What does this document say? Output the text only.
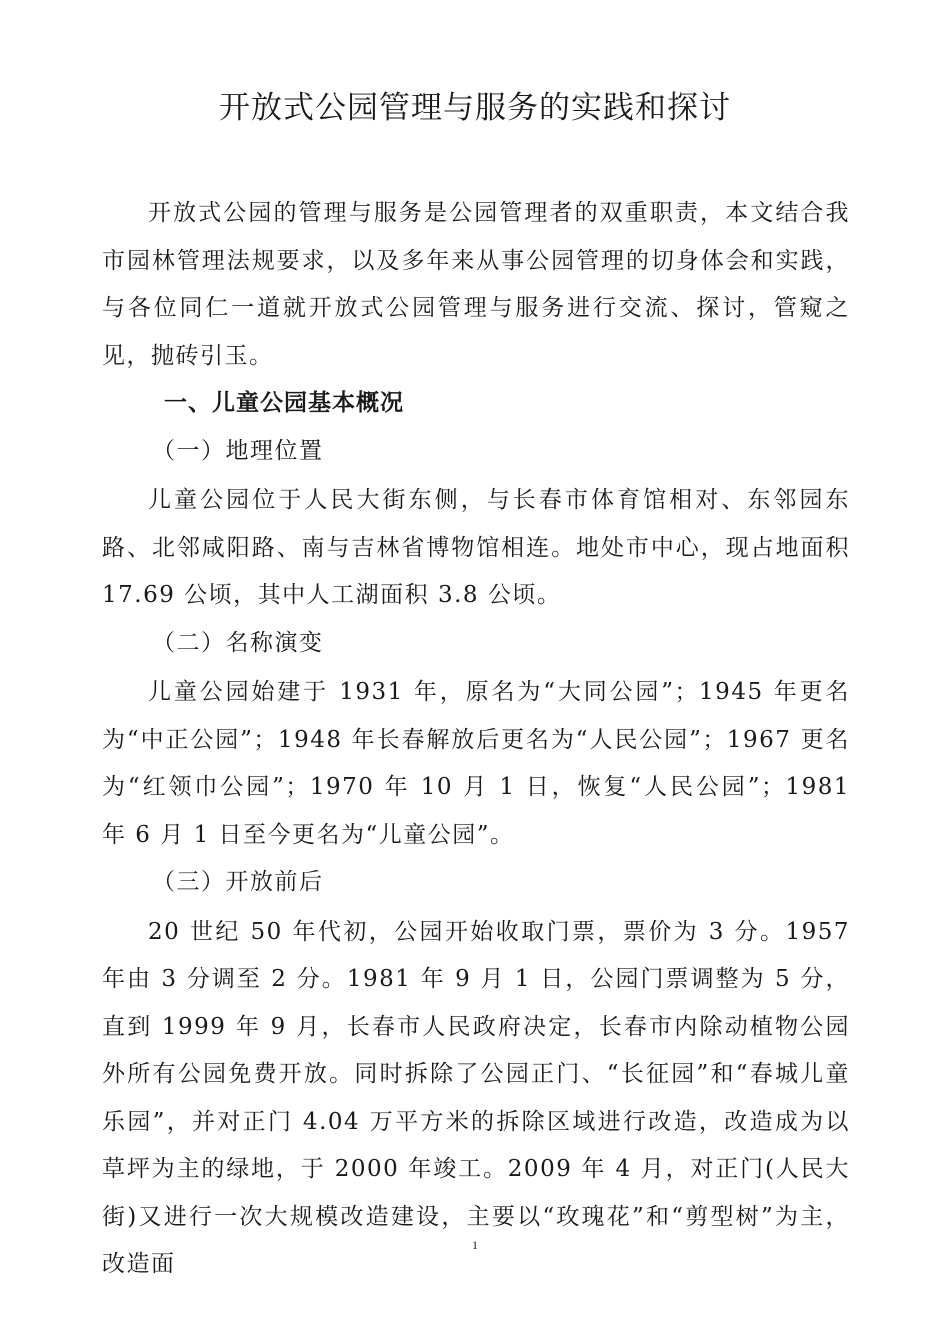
开放式公园管理与服务的实践和探讨

开放式公园的管理与服务是公园管理者的双重职责，本文结合我市园林管理法规要求，以及多年来从事公园管理的切身体会和实践，与各位同仁一道就开放式公园管理与服务进行交流、探讨，管窥之见，抛砖引玉。

一、儿童公园基本概况

（一）地理位置

儿童公园位于人民大街东侧，与长春市体育馆相对、东邻园东路、北邻咸阳路、南与吉林省博物馆相连。地处市中心，现占地面积 17.69 公顷，其中人工湖面积 3.8 公顷。

（二）名称演变

儿童公园始建于 1931 年，原名为“大同公园”；1945 年更名为“中正公园”；1948 年长春解放后更名为“人民公园”；1967 更名为“红领巾公园”；1970 年 10 月 1 日，恢复“人民公园”；1981 年 6 月 1 日至今更名为“儿童公园”。

（三）开放前后

20 世纪 50 年代初，公园开始收取门票，票价为 3 分。1957 年由 3 分调至 2 分。1981 年 9 月 1 日，公园门票调整为 5 分，直到 1999 年 9 月，长春市人民政府决定，长春市内除动植物公园外所有公园免费开放。同时拆除了公园正门、“长征园”和“春城儿童乐园”，并对正门 4.04 万平方米的拆除区域进行改造，改造成为以草坪为主的绿地，于 2000 年竣工。2009 年 4 月，对正门(人民大街)又进行一次大规模改造建设，主要以“玫瑰花”和“剪型树”为主，改造面

1
